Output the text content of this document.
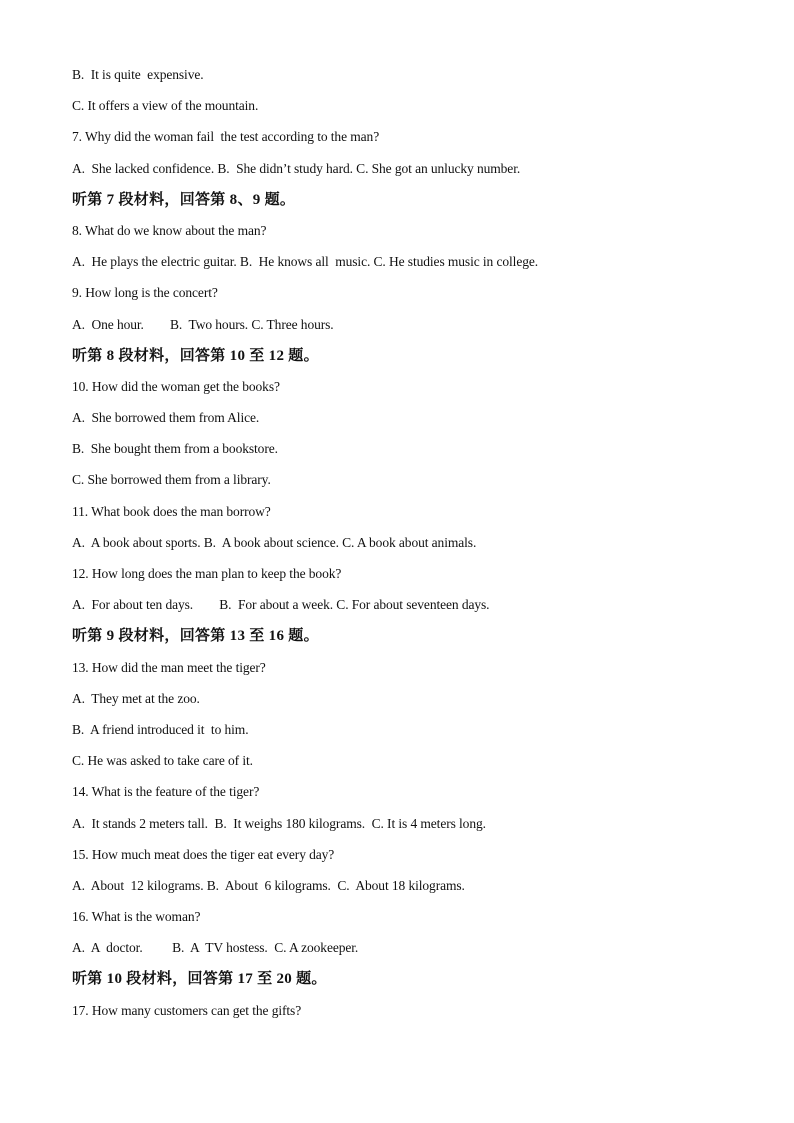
B.  It is quite  expensive.
C. It offers a view of the mountain.
7. Why did the woman fail  the test according to the man?
A.  She lacked confidence. B.  She didn’t study hard. C. She got an unlucky number.
听第 7 段材料，回答第 8、9 题。
8. What do we know about the man?
A.  He plays the electric guitar. B.  He knows all  music. C. He studies music in college.
9. How long is the concert?
A.  One hour.        B.  Two hours. C. Three hours.
听第 8 段材料，回答第 10 至 12 题。
10. How did the woman get the books?
A.  She borrowed them from Alice.
B.  She bought them from a bookstore.
C. She borrowed them from a library.
11. What book does the man borrow?
A.  A book about sports. B.  A book about science. C. A book about animals.
12. How long does the man plan to keep the book?
A.  For about ten days.        B.  For about a week. C. For about seventeen days.
听第 9 段材料，回答第 13 至 16 题。
13. How did the man meet the tiger?
A.  They met at the zoo.
B.  A friend introduced it  to him.
C. He was asked to take care of it.
14. What is the feature of the tiger?
A.  It stands 2 meters tall.  B.  It weighs 180 kilograms.  C. It is 4 meters long.
15. How much meat does the tiger eat every day?
A.  About  12 kilograms. B.  About  6 kilograms.  C.  About 18 kilograms.
16. What is the woman?
A.  A  doctor.         B.  A  TV hostess.  C. A zookeeper.
听第 10 段材料，回答第 17 至 20 题。
17. How many customers can get the gifts?
